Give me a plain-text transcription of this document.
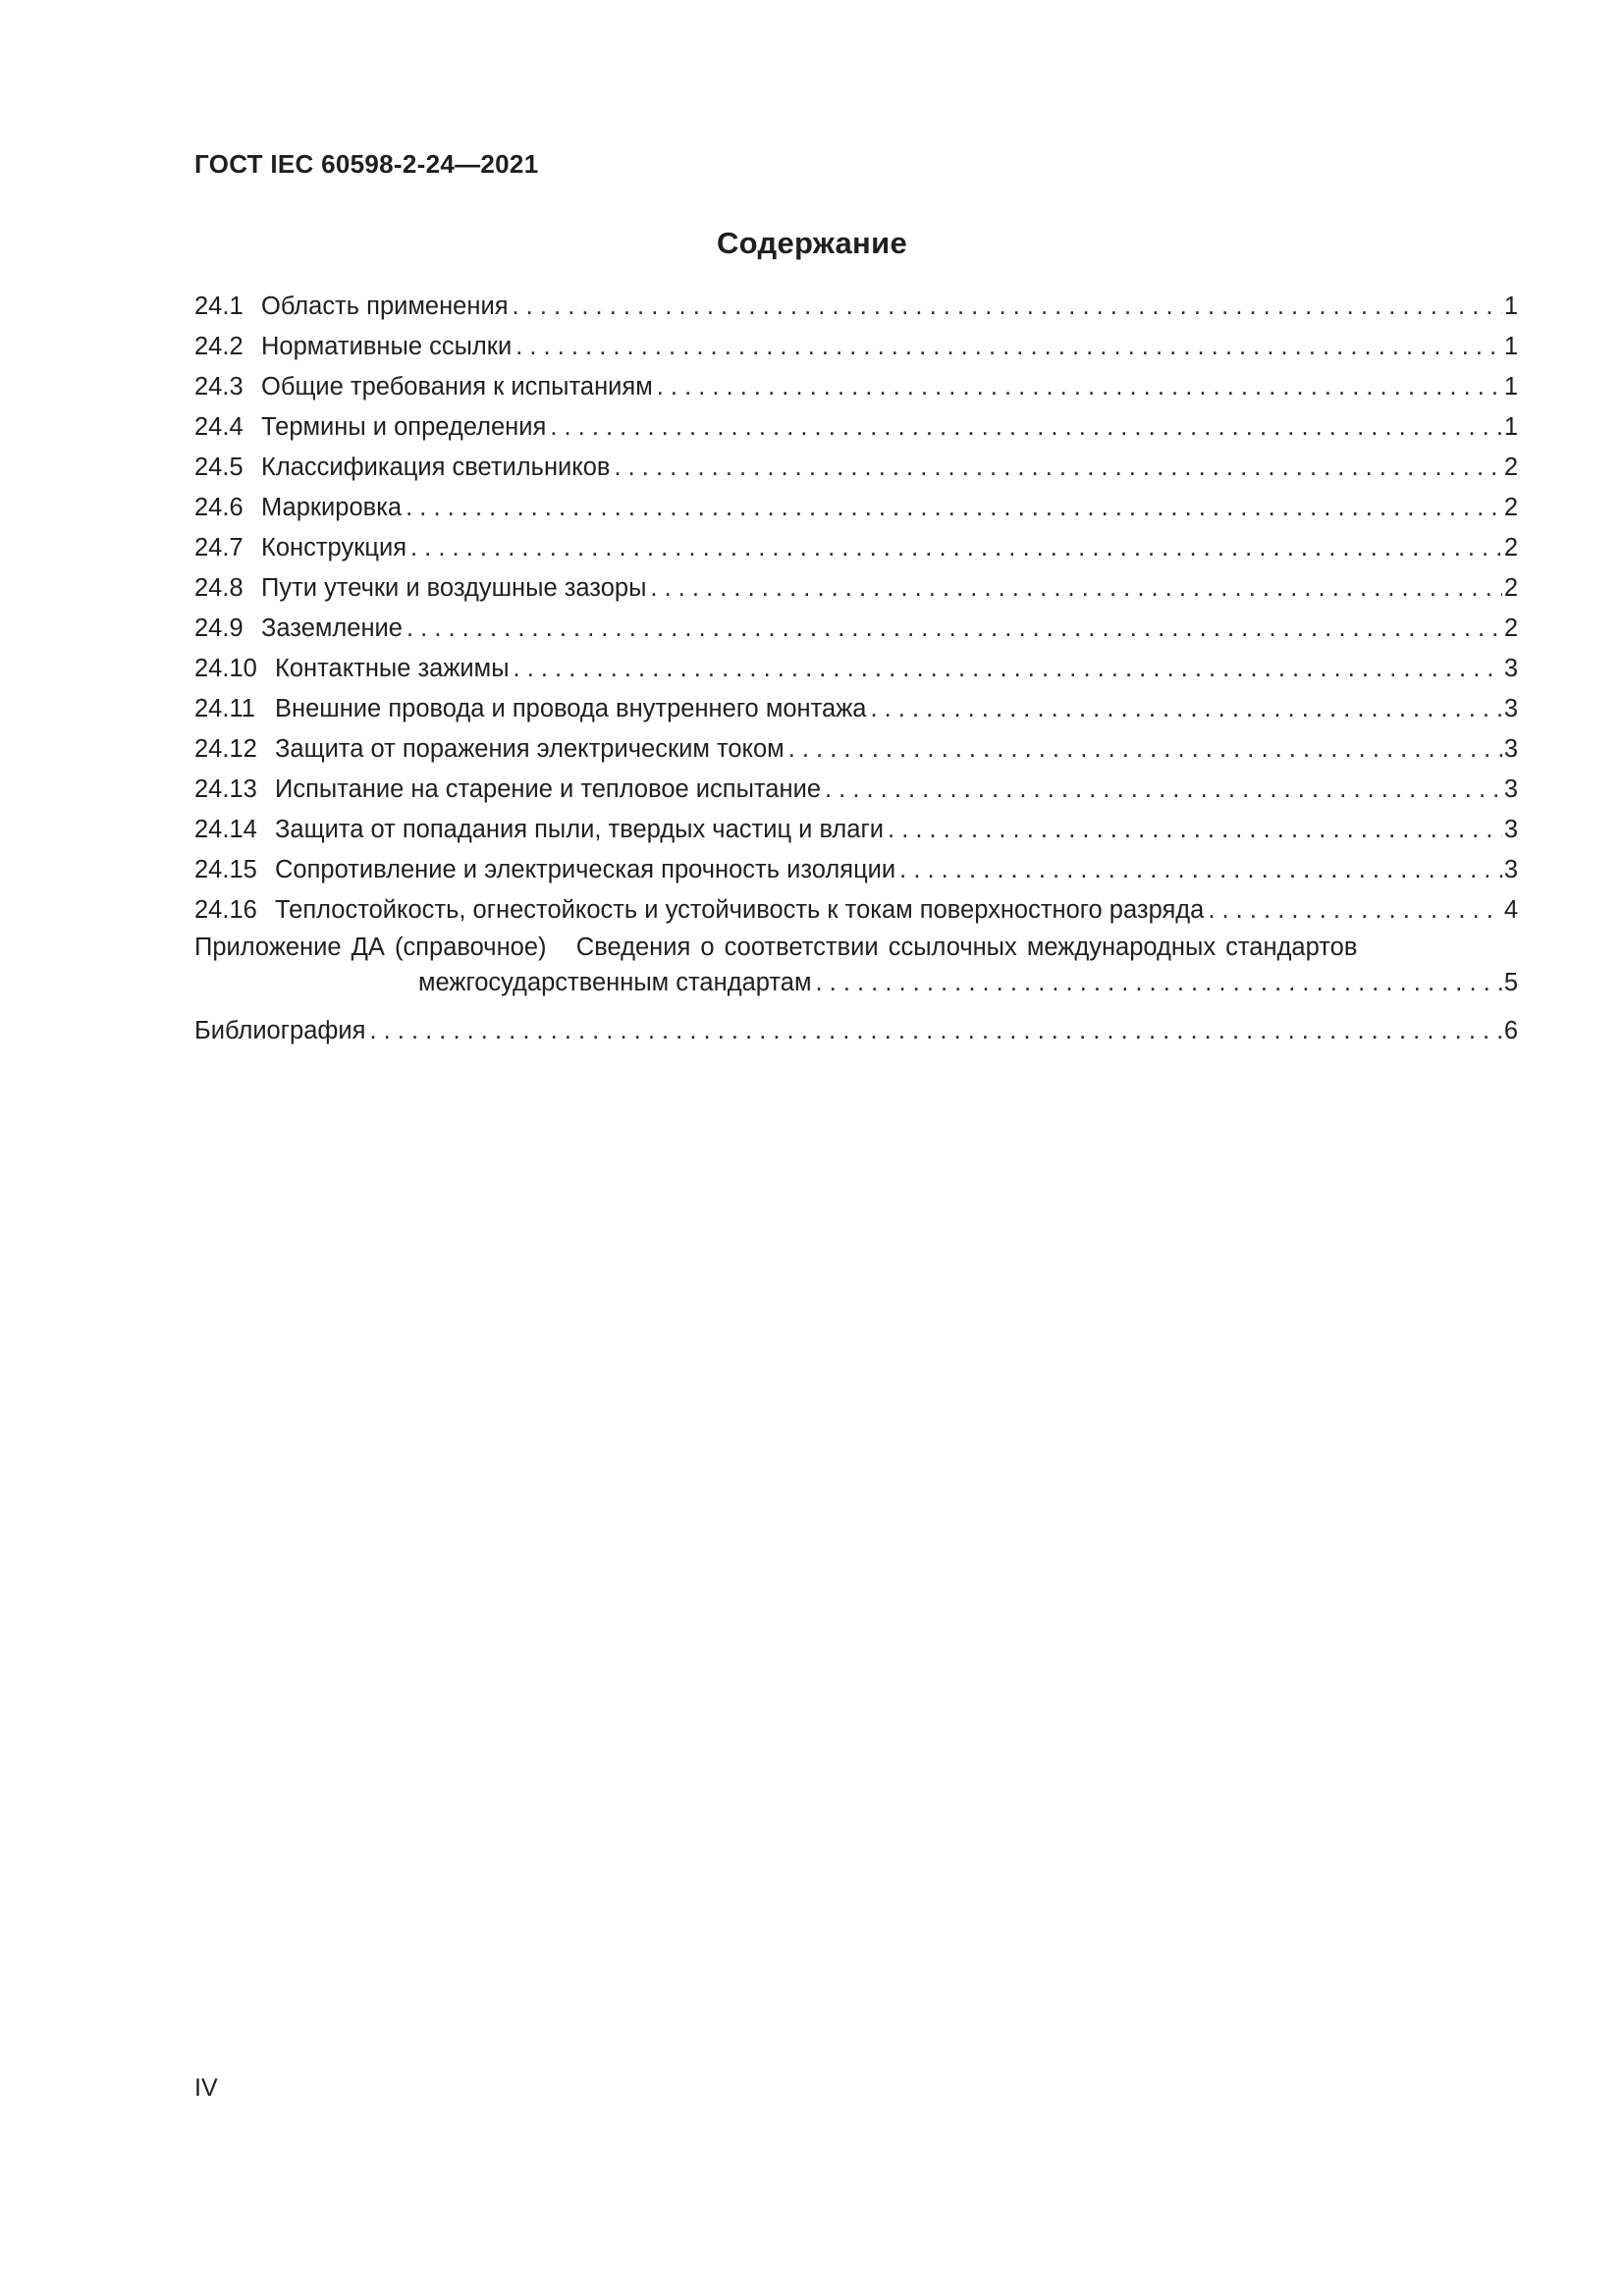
ГОСТ IEC 60598-2-24—2021
Содержание
24.1 Область применения . . .	1
24.2 Нормативные ссылки . . .	1
24.3 Общие требования к испытаниям . . .	1
24.4 Термины и определения . . .	1
24.5 Классификация светильников . . .	2
24.6 Маркировка . . .	2
24.7 Конструкция . . .	2
24.8 Пути утечки и воздушные зазоры . . .	2
24.9 Заземление . . .	2
24.10 Контактные зажимы . . .	3
24.11 Внешние провода и провода внутреннего монтажа . . .	3
24.12 Защита от поражения электрическим током . . .	3
24.13 Испытание на старение и тепловое испытание . . .	3
24.14 Защита от попадания пыли, твердых частиц и влаги . . .	3
24.15 Сопротивление и электрическая прочность изоляции . . .	3
24.16 Теплостойкость, огнестойкость и устойчивость к токам поверхностного разряда . . .	4
Приложение ДА (справочное) Сведения о соответствии ссылочных международных стандартов
межгосударственным стандартам . . .	5
Библиография . . .	6
IV
